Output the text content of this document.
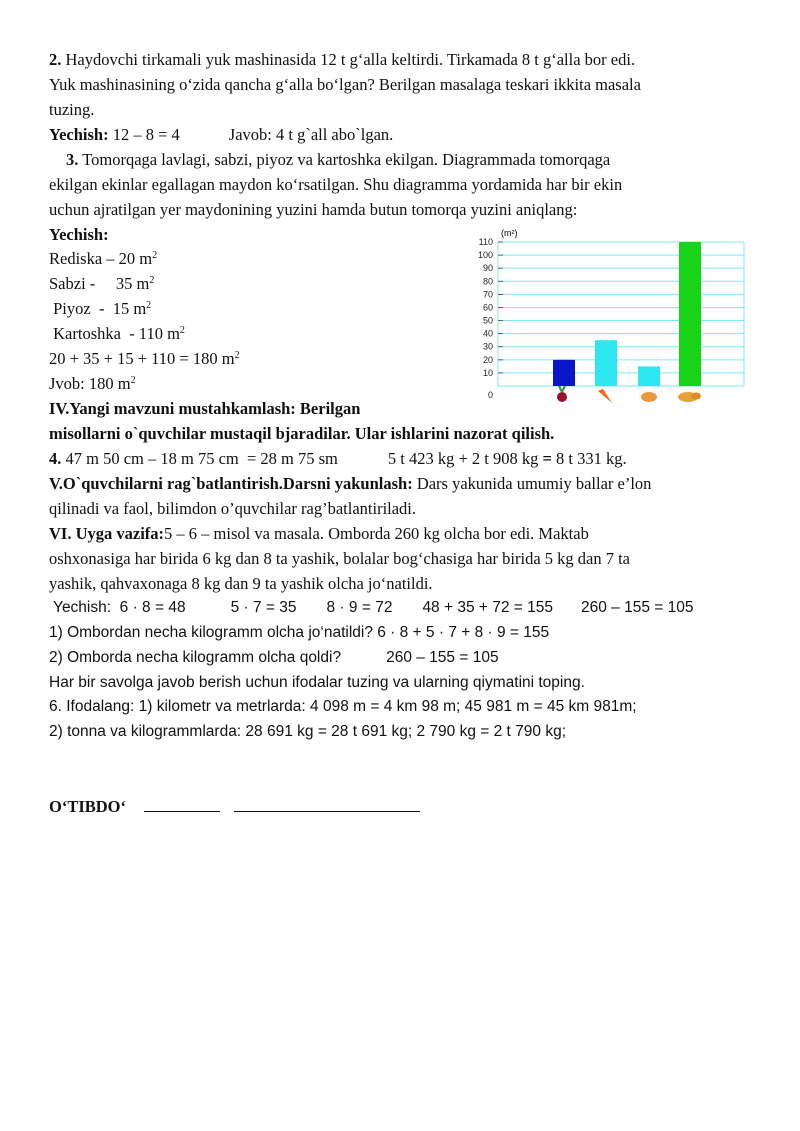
2. Haydovchi tirkamali yuk mashinasida 12 t g‘alla keltirdi. Tirkamada 8 t g‘alla bor edi.
Yuk mashinasining o‘zida qancha g‘alla bo‘lgan? Berilgan masalaga teskari ikkita masala
tuzing.
Yechish: 12 – 8 = 4	Javob: 4 t g`all abo`lgan.
3. Tomorqaga lavlagi, sabzi, piyoz va kartoshka ekilgan. Diagrammada tomorqaga
ekilgan ekinlar egallagan maydon ko‘rsatilgan. Shu diagramma yordamida har bir ekin
uchun ajratilgan yer maydonining yuzini hamda butun tomorqa yuzini aniqlang:
Yechish:
Rediska – 20 $m^2$
Sabzi -     35 $m^2$
Piyoz  -  15 $m^2$
Kartoshka  - 110 $m^2$
20 + 35 + 15 + 110 = 180 $m^2$
Jvob: 180 $m^2$
0
10
20
30
40
50
60
70
80
90
100
110
(m²)
IV.Yangi mavzuni mustahkamlash: Berilgan
misollarni o`quvchilar mustaqil bjaradilar. Ular ishlarini nazorat qilish.
4. 47 m 50 cm – 18 m 75 cm  = 28 m 75 sm	5 t 423 kg + 2 t 908 kg = 8 t 331 kg.
V.O`quvchilarni rag`batlantirish.Darsni yakunlash: Dars yakunida umumiy ballar e’lon
qilinadi va faol, bilimdon o’quvchilar rag’batlantiriladi.
VI. Uyga vazifa:5 – 6 – misol va masala. Omborda 260 kg olcha bor edi. Maktab
oshxonasiga har birida 6 kg dan 8 ta yashik, bolalar bog‘chasiga har birida 5 kg dan 7 ta
yashik, qahvaxonaga 8 kg dan 9 ta yashik olcha jo‘natildi.
Yechish:  6 · 8 = 48	5 · 7 = 35 8 · 9 = 72 48 + 35 + 72 = 155 260 – 155 = 105
1) Ombordan necha kilogramm olcha jo‘natildi? 6 · 8 + 5 · 7 + 8 · 9 = 155
2) Omborda necha kilogramm olcha qoldi?	260 – 155 = 105
Har bir savolga javob berish uchun ifodalar tuzing va ularning qiymatini toping.
6. Ifodalang: 1) kilometr va metrlarda: 4 098 m = 4 km 98 m; 45 981 m = 45 km 981m;
2) tonna va kilogrammlarda: 28 691 kg = 28 t 691 kg; 2 790 kg = 2 t 790 kg;
O‘TIBDO‘
